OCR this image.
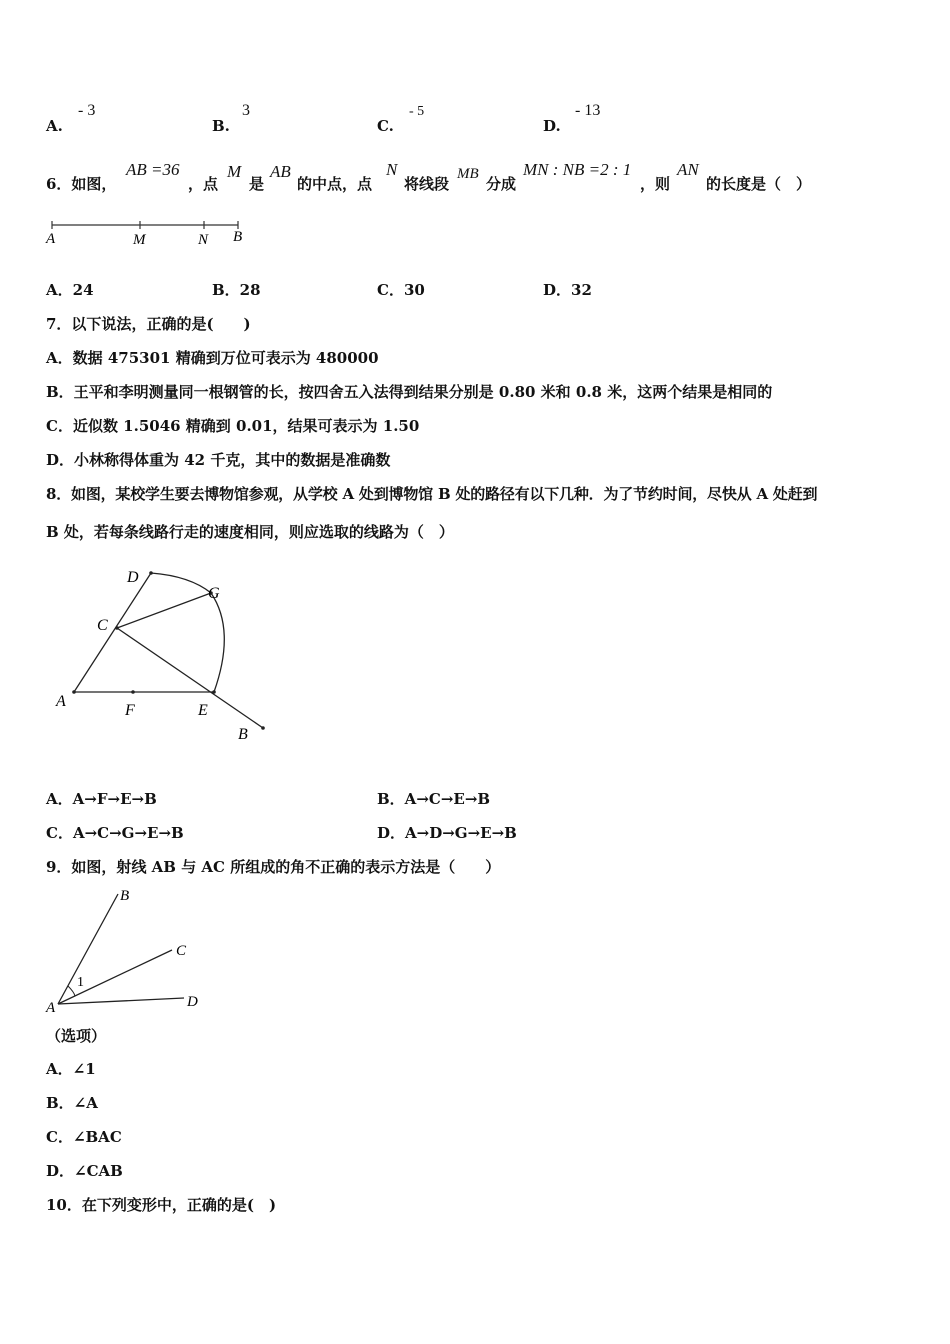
A.
- 3
B.
3
C.
- 5
D.
- 13
6．如图，
AB =36
，点
M
是
AB
的中点，点
N
将线段
MB
分成
MN : NB =2 : 1
，则
AN
的长度是（　）
A	M	N B
A．24	B．28	C．30	D．32
7．以下说法，正确的是(　　)
A．数据 475301 精确到万位可表示为 480000
B．王平和李明测量同一根钢管的长，按四舍五入法得到结果分别是 0.80 米和 0.8 米，这两个结果是相同的
C．近似数 1.5046 精确到 0.01，结果可表示为 1.50
D．小林称得体重为 42 千克，其中的数据是准确数
8．如图，某校学生要去博物馆参观，从学校 A 处到博物馆 B 处的路径有以下几种．为了节约时间，尽快从 A 处赶到
B 处，若每条线路行走的速度相同，则应选取的线路为（　）
D
G
C
A
F	E
B
A．A→F→E→B	B．A→C→E→B
C．A→C→G→E→B	D．A→D→G→E→B
9．如图，射线 AB 与 AC 所组成的角不正确的表示方法是（　　）
B
C
1
A	D
（选项）
A．∠1
B．∠A
C．∠BAC
D．∠CAB
10．在下列变形中，正确的是(　)
